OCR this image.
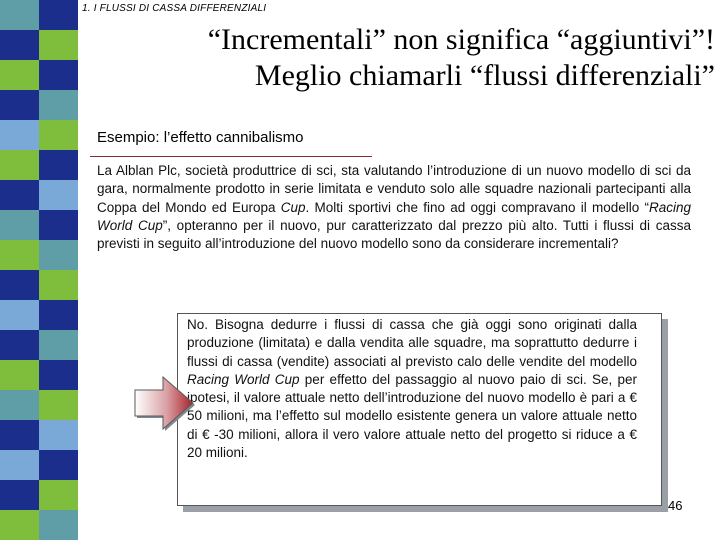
1. I FLUSSI DI CASSA DIFFERENZIALI
“Incrementali” non significa “aggiuntivi”!
Meglio chiamarli “flussi differenziali”
Esempio: l’effetto cannibalismo
La Alblan Plc, società produttrice di sci, sta valutando l’introduzione di un nuovo modello di sci da gara, normalmente prodotto in serie limitata e venduto solo alle squadre nazionali partecipanti alla Coppa del Mondo ed Europa Cup. Molti sportivi che fino ad oggi compravano il modello “Racing World Cup”, opteranno per il nuovo, pur caratterizzato dal prezzo più alto. Tutti i flussi di cassa previsti in seguito all’introduzione del nuovo modello sono da considerare incrementali?
No. Bisogna dedurre i flussi di cassa che già oggi sono originati dalla produzione (limitata) e dalla vendita alle squadre, ma soprattutto dedurre i flussi di cassa (vendite) associati al previsto calo delle vendite del modello Racing World Cup per effetto del passaggio al nuovo paio di sci. Se, per ipotesi, il valore attuale netto dell’introduzione del nuovo modello è pari a € 50 milioni, ma l’effetto sul modello esistente genera un valore attuale netto di € -30 milioni, allora il vero valore attuale netto del progetto si riduce a € 20 milioni.
46
